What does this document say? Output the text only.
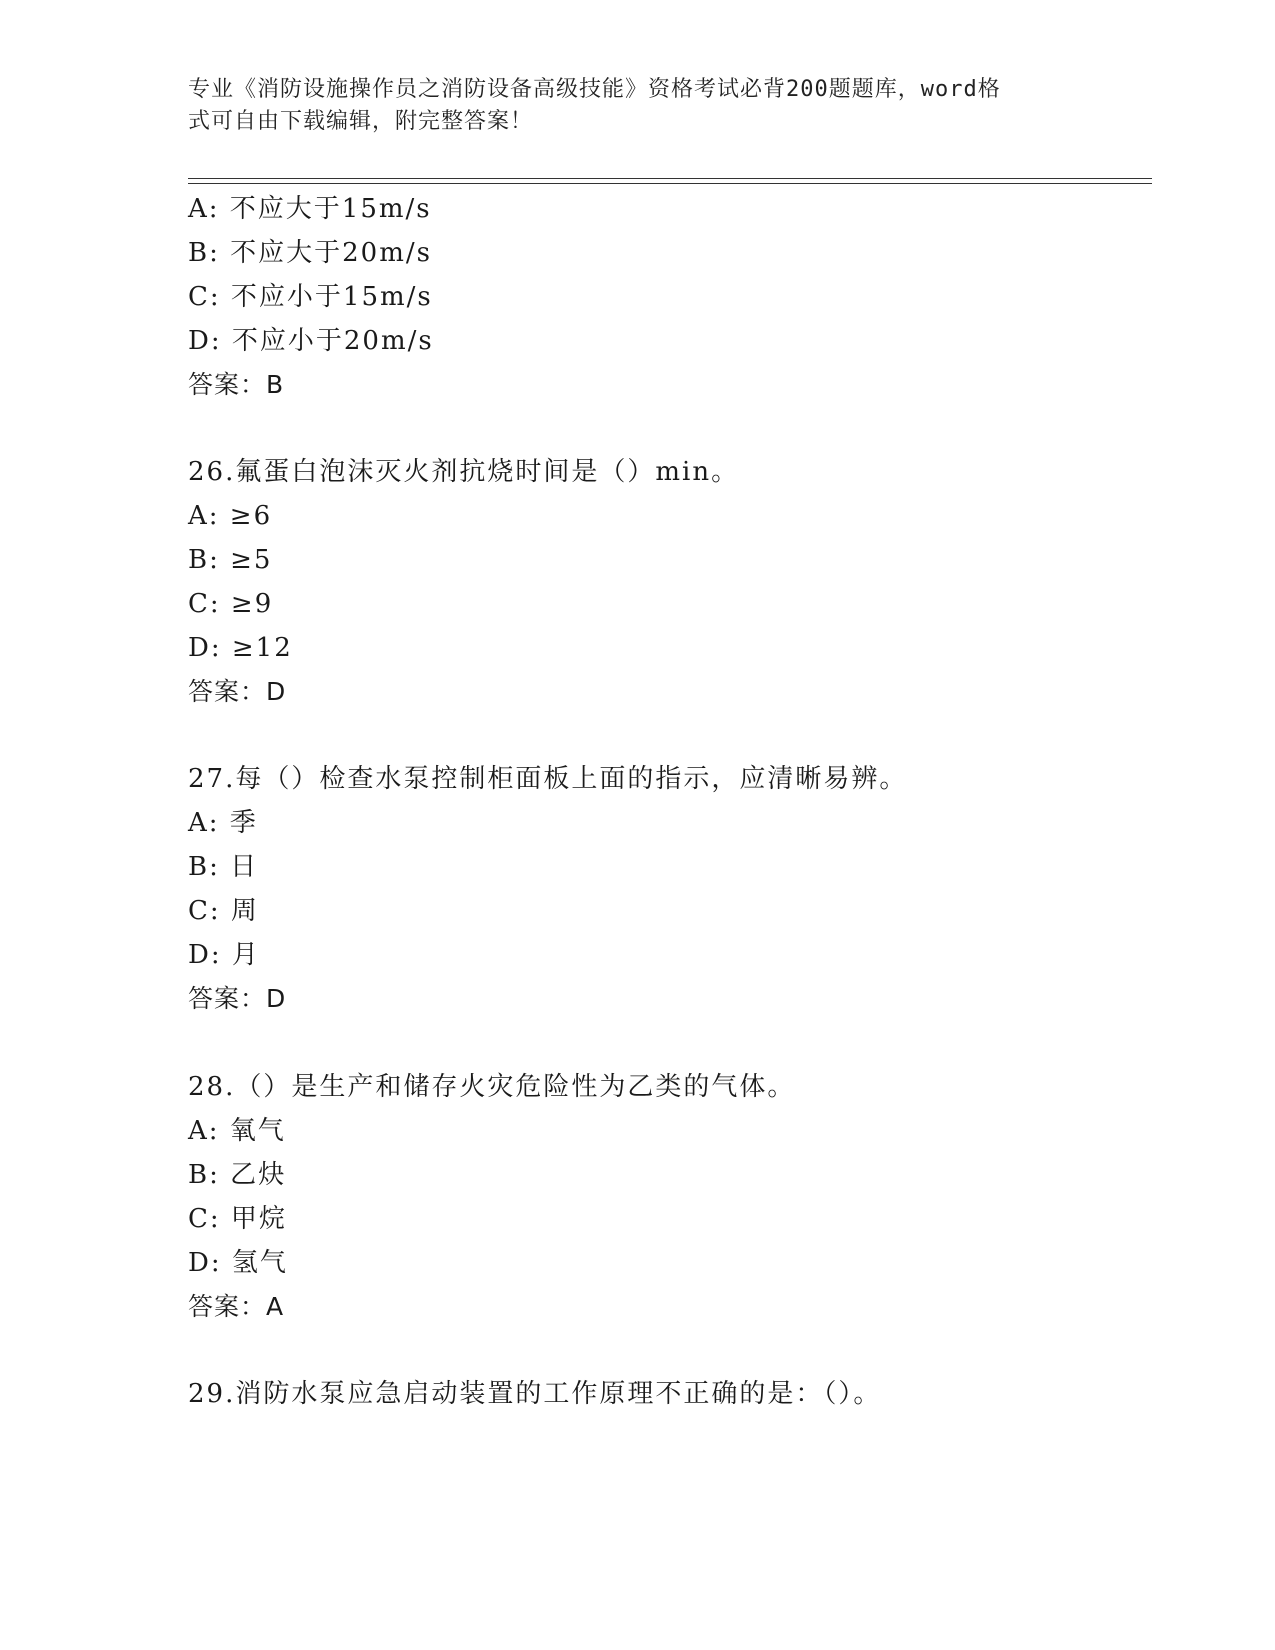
专业《消防设施操作员之消防设备高级技能》资格考试必背200题题库，word格
式可自由下载编辑，附完整答案！
A: 不应大于15m/s
B: 不应大于20m/s
C: 不应小于15m/s
D: 不应小于20m/s
答案：B
26.氟蛋白泡沫灭火剂抗烧时间是（）min。
A: ≥6
B: ≥5
C: ≥9
D: ≥12
答案：D
27.每（）检查水泵控制柜面板上面的指示，应清晰易辨。
A: 季
B: 日
C: 周
D: 月
答案：D
28.（）是生产和储存火灾危险性为乙类的气体。
A: 氧气
B: 乙炔
C: 甲烷
D: 氢气
答案：A
29.消防水泵应急启动装置的工作原理不正确的是：（）。
